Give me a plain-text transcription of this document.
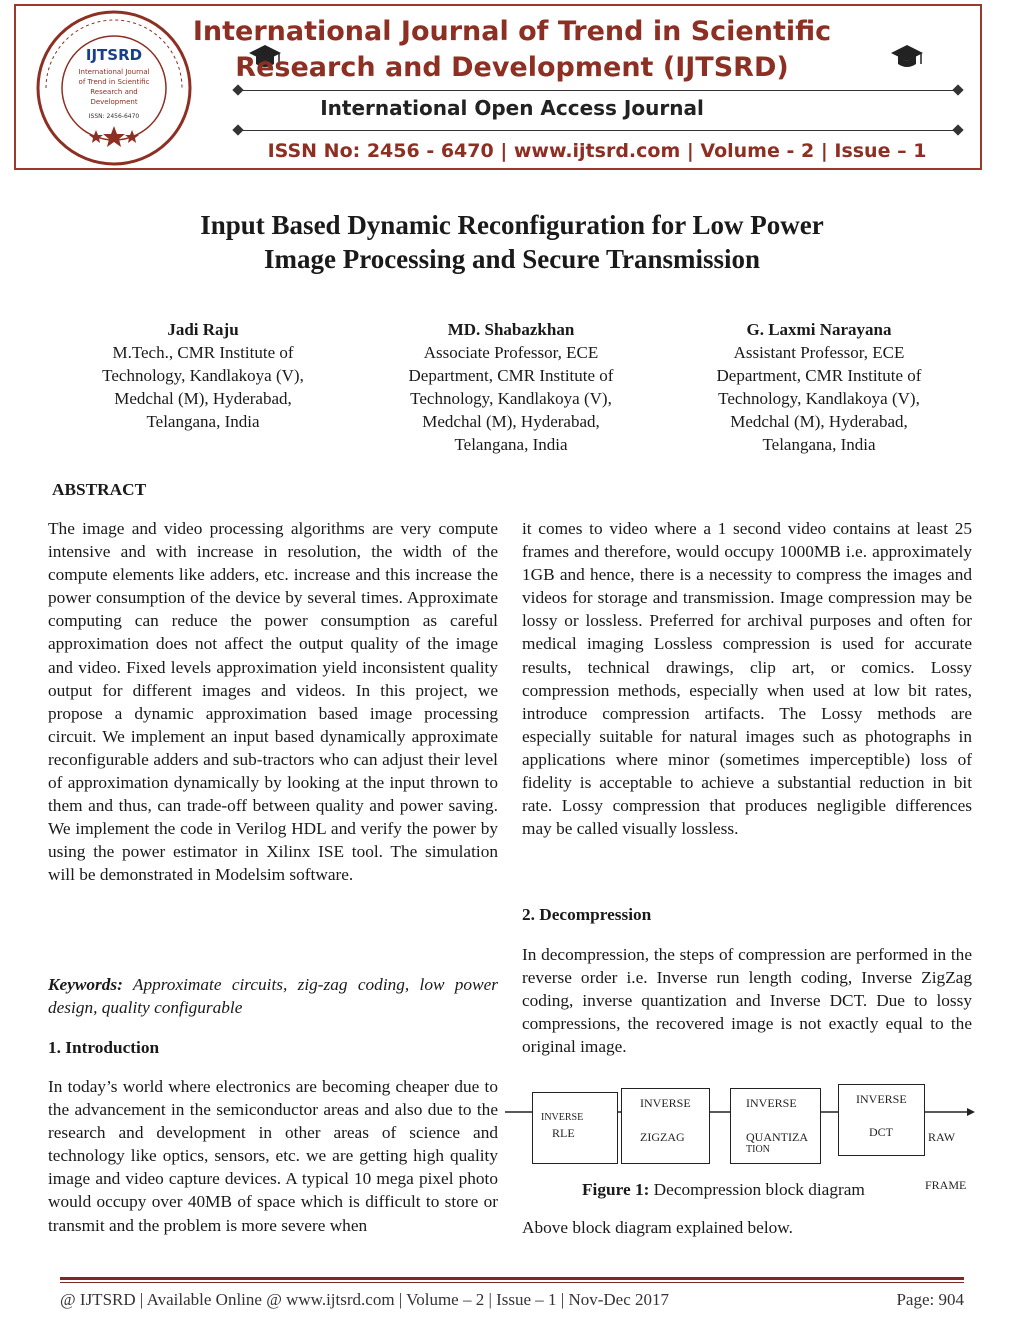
IJTSRD
International Journal
of Trend in Scientific
Research and
Development
ISSN: 2456-6470
International Journal of Trend in Scientific
Research and Development (IJTSRD)
International Open Access Journal
ISSN No: 2456 - 6470 | www.ijtsrd.com | Volume - 2 | Issue – 1
Input Based Dynamic Reconfiguration for Low Power
Image Processing and Secure Transmission
Jadi Raju
M.Tech., CMR Institute of
Technology, Kandlakoya (V),
Medchal (M), Hyderabad,
Telangana, India
MD. Shabazkhan
Associate Professor, ECE
Department, CMR Institute of
Technology, Kandlakoya (V),
Medchal (M), Hyderabad,
Telangana, India
G. Laxmi Narayana
Assistant Professor, ECE
Department, CMR Institute of
Technology, Kandlakoya (V),
Medchal (M), Hyderabad,
Telangana, India
ABSTRACT
The image and video processing algorithms are very compute intensive and with increase in resolution, the width of the compute elements like adders, etc. increase and this increase the power consumption of the device by several times. Approximate computing can reduce the power consumption as careful approximation does not affect the output quality of the image and video. Fixed levels approximation yield inconsistent quality output for different images and videos. In this project, we propose a dynamic approximation based image processing circuit. We implement an input based dynamically approximate reconfigurable adders and sub-tractors who can adjust their level of approximation dynamically by looking at the input thrown to them and thus, can trade-off between quality and power saving. We implement the code in Verilog HDL and verify the power by using the power estimator in Xilinx ISE tool. The simulation will be demonstrated in Modelsim software.
Keywords: Approximate circuits, zig-zag coding, low power design, quality configurable
1. Introduction
In today’s world where electronics are becoming cheaper due to the advancement in the semiconductor areas and also due to the research and development in other areas of science and technology like optics, sensors, etc. we are getting high quality image and video capture devices. A typical 10 mega pixel photo would occupy over 40MB of space which is difficult to store or transmit and the problem is more severe when
it comes to video where a 1 second video contains at least 25 frames and therefore, would occupy 1000MB i.e. approximately 1GB and hence, there is a necessity to compress the images and videos for storage and transmission. Image compression may be lossy or lossless. Preferred for archival purposes and often for medical imaging Lossless compression is used for accurate results, technical drawings, clip art, or comics. Lossy compression methods, especially when used at low bit rates, introduce compression artifacts. The Lossy methods are especially suitable for natural images such as photographs in applications where minor (sometimes imperceptible) loss of fidelity is acceptable to achieve a substantial reduction in bit rate. Lossy compression that produces negligible differences may be called visually lossless.
2. Decompression
In decompression, the steps of compression are performed in the reverse order i.e. Inverse run length coding, Inverse ZigZag coding, inverse quantization and Inverse DCT. Due to lossy compressions, the recovered image is not exactly equal to the original image.
INVERSE
RLE
INVERSE
ZIGZAG
INVERSE
QUANTIZA
TION
INVERSE
DCT	RAW
FRAME
Figure 1: Decompression block diagram
Above block diagram explained below.
@ IJTSRD | Available Online @ www.ijtsrd.com | Volume – 2 | Issue – 1 | Nov-Dec 2017	Page: 904
